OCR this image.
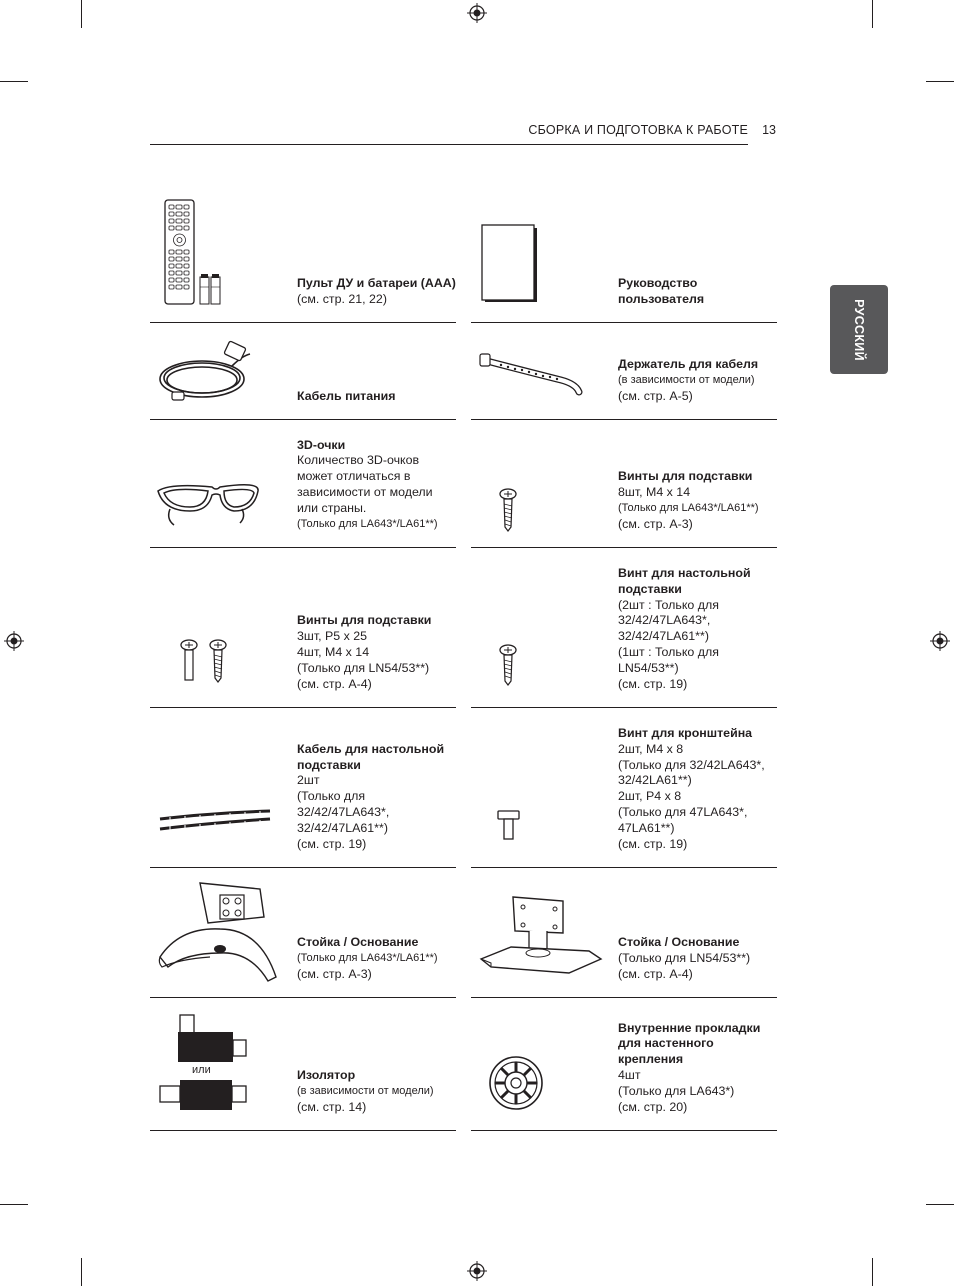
СБОРКА И ПОДГОТОВКА К РАБОТЕ 13
РУССКИЙ
Пульт ДУ и батареи (AAA)
(см. стр. 21, 22)
Руководство пользователя
Кабель питания
Держатель для кабеля
(в зависимости от модели)
(см. стр. А-5)
3D-очки
Количество 3D-очков может отличаться в зависимости от модели или страны.
(Только для LA643*/LA61**)
Винты для подставки
8шт, M4 x 14
(Только для LA643*/LA61**)
(см. стр. А-3)
Винты для подставки
3шт, P5 x 25
4шт, M4 x 14
(Только для LN54/53**)
(см. стр. А-4)
Винт для настольной подставки
(2шт : Только для 32/42/47LA643*, 32/42/47LA61**)
(1шт : Только для LN54/53**)
(см. стр. 19)
Кабель для настольной подставки
2шт
(Только для 32/42/47LA643*, 32/42/47LA61**)
(см. стр. 19)
Винт для кронштейна
2шт, M4 x 8
(Только для 32/42LA643*, 32/42LA61**)
2шт, P4 x 8
(Только для 47LA643*, 47LA61**)
(см. стр. 19)
Стойка / Основание
(Только для LA643*/LA61**)
(см. стр. А-3)
Стойка / Основание
(Только для LN54/53**)
(см. стр. А-4)
или	Изолятор
(в зависимости от модели)
(см. стр. 14)
Внутренние прокладки для настенного крепления
4шт
(Только для LA643*)
(см. стр. 20)
